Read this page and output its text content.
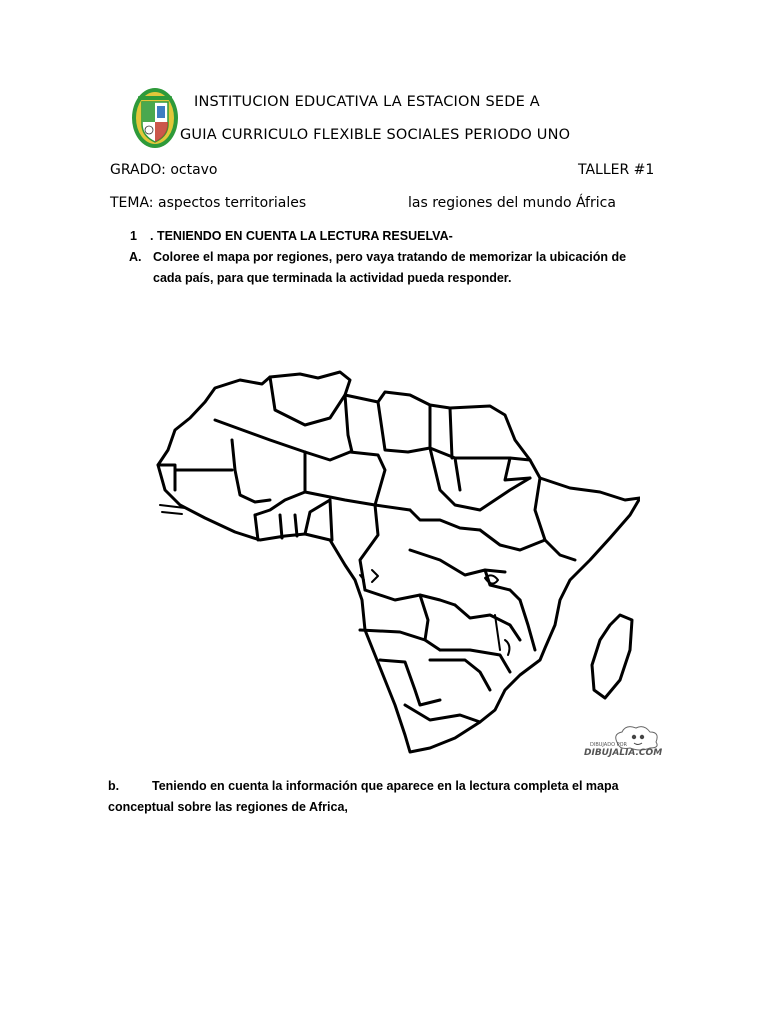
INSTITUCION EDUCATIVA LA ESTACION SEDE A
GUIA CURRICULO FLEXIBLE SOCIALES PERIODO UNO
GRADO: octavo	TALLER #1
TEMA: aspectos territoriales	las regiones del mundo África
1 . TENIENDO EN CUENTA LA LECTURA RESUELVA-
A. Coloree el mapa por regiones, pero vaya tratando de memorizar la ubicación de
cada país, para que terminada la actividad pueda responder.
DIBUJADO POR
DIBUJALIA.COM
b.	Teniendo en cuenta la información que aparece en la lectura completa el mapa
conceptual sobre las regiones de Africa,
